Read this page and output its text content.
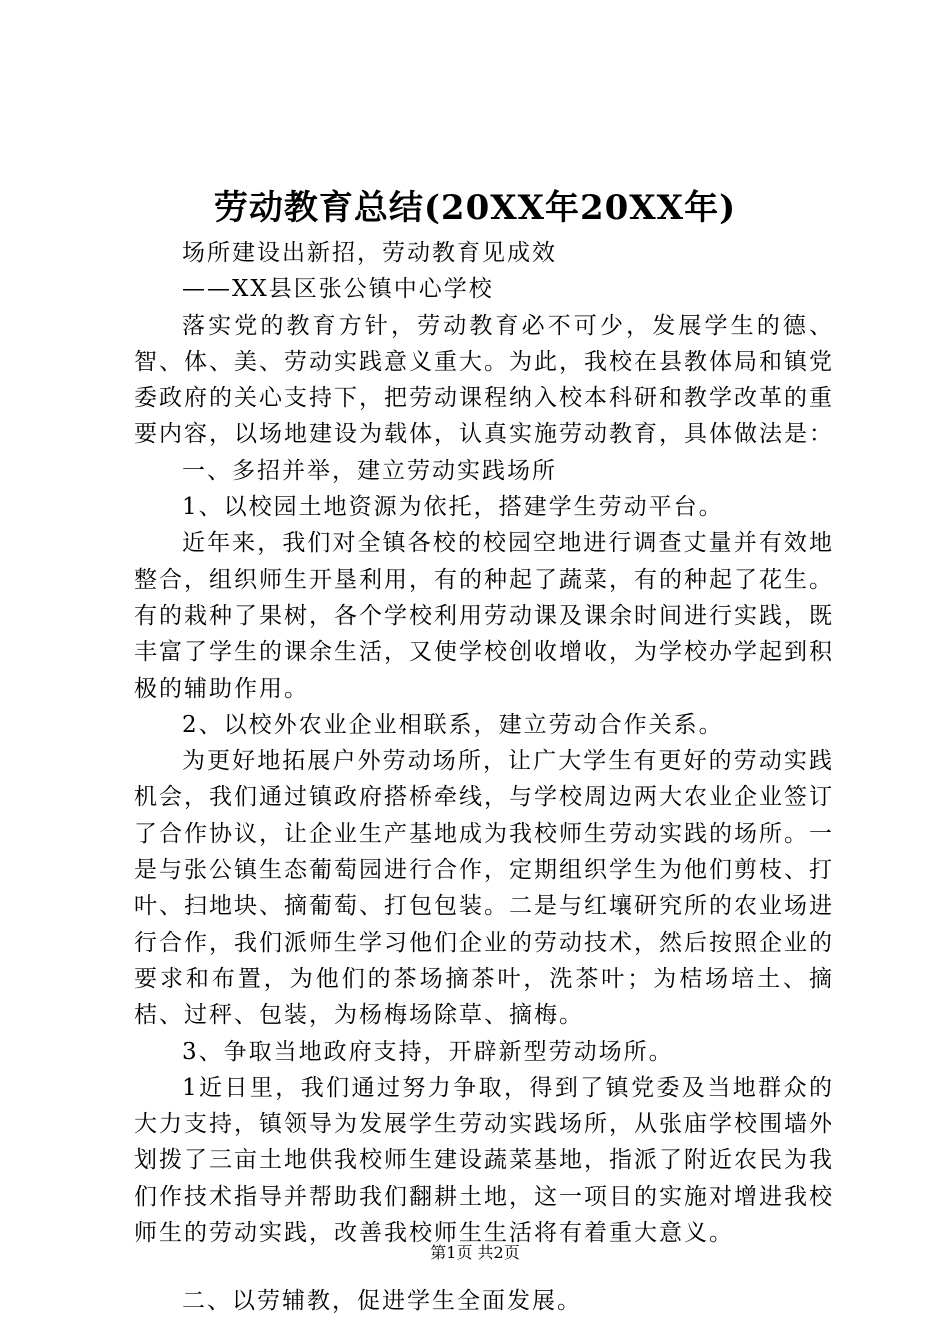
劳动教育总结(20XX年20XX年)

场所建设出新招，劳动教育见成效

——XX县区张公镇中心学校

落实党的教育方针，劳动教育必不可少，发展学生的德、智、体、美、劳动实践意义重大。为此，我校在县教体局和镇党委政府的关心支持下，把劳动课程纳入校本科研和教学改革的重要内容，以场地建设为载体，认真实施劳动教育，具体做法是：

一、多招并举，建立劳动实践场所

1、以校园土地资源为依托，搭建学生劳动平台。

近年来，我们对全镇各校的校园空地进行调查丈量并有效地整合，组织师生开垦利用，有的种起了蔬菜，有的种起了花生。有的栽种了果树，各个学校利用劳动课及课余时间进行实践，既丰富了学生的课余生活，又使学校创收增收，为学校办学起到积极的辅助作用。

2、以校外农业企业相联系，建立劳动合作关系。

为更好地拓展户外劳动场所，让广大学生有更好的劳动实践机会，我们通过镇政府搭桥牵线，与学校周边两大农业企业签订了合作协议，让企业生产基地成为我校师生劳动实践的场所。一是与张公镇生态葡萄园进行合作，定期组织学生为他们剪枝、打叶、扫地块、摘葡萄、打包包装。二是与红壤研究所的农业场进行合作，我们派师生学习他们企业的劳动技术，然后按照企业的要求和布置，为他们的茶场摘茶叶，洗茶叶；为桔场培土、摘桔、过秤、包装，为杨梅场除草、摘梅。

3、争取当地政府支持，开辟新型劳动场所。

1近日里，我们通过努力争取，得到了镇党委及当地群众的大力支持，镇领导为发展学生劳动实践场所，从张庙学校围墙外划拨了三亩土地供我校师生建设蔬菜基地，指派了附近农民为我们作技术指导并帮助我们翻耕土地，这一项目的实施对增进我校师生的劳动实践，改善我校师生生活将有着重大意义。

二、以劳辅教，促进学生全面发展。

第1页 共2页
